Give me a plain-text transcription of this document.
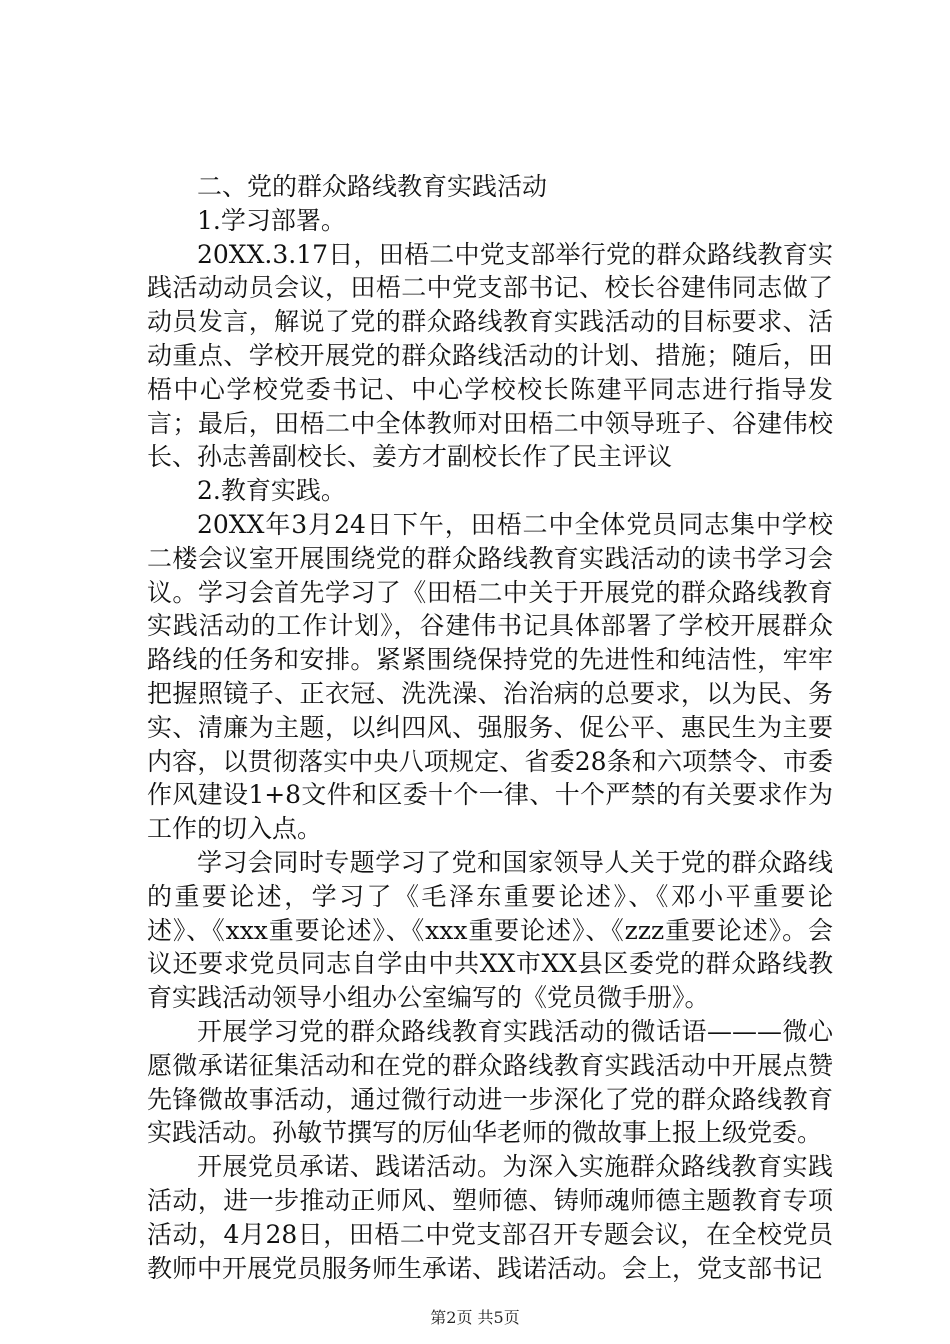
二、党的群众路线教育实践活动

1.学习部署。

20XX.3.17日，田梧二中党支部举行党的群众路线教育实践活动动员会议，田梧二中党支部书记、校长谷建伟同志做了动员发言，解说了党的群众路线教育实践活动的目标要求、活动重点、学校开展党的群众路线活动的计划、措施；随后，田梧中心学校党委书记、中心学校校长陈建平同志进行指导发言；最后，田梧二中全体教师对田梧二中领导班子、谷建伟校长、孙志善副校长、姜方才副校长作了民主评议

2.教育实践。

20XX年3月24日下午，田梧二中全体党员同志集中学校二楼会议室开展围绕党的群众路线教育实践活动的读书学习会议。学习会首先学习了《田梧二中关于开展党的群众路线教育实践活动的工作计划》，谷建伟书记具体部署了学校开展群众路线的任务和安排。紧紧围绕保持党的先进性和纯洁性，牢牢把握照镜子、正衣冠、洗洗澡、治治病的总要求，以为民、务实、清廉为主题，以纠四风、强服务、促公平、惠民生为主要内容，以贯彻落实中央八项规定、省委28条和六项禁令、市委作风建设1+8文件和区委十个一律、十个严禁的有关要求作为工作的切入点。

学习会同时专题学习了党和国家领导人关于党的群众路线的重要论述，学习了《毛泽东重要论述》、《邓小平重要论述》、《xxx重要论述》、《xxx重要论述》、《zzz重要论述》。会议还要求党员同志自学由中共XX市XX县区委党的群众路线教育实践活动领导小组办公室编写的《党员微手册》。

开展学习党的群众路线教育实践活动的微话语———微心愿微承诺征集活动和在党的群众路线教育实践活动中开展点赞先锋微故事活动，通过微行动进一步深化了党的群众路线教育实践活动。孙敏节撰写的厉仙华老师的微故事上报上级党委。

开展党员承诺、践诺活动。为深入实施群众路线教育实践活动，进一步推动正师风、塑师德、铸师魂师德主题教育专项活动，4月28日，田梧二中党支部召开专题会议，在全校党员教师中开展党员服务师生承诺、践诺活动。会上，党支部书记

第2页 共5页
